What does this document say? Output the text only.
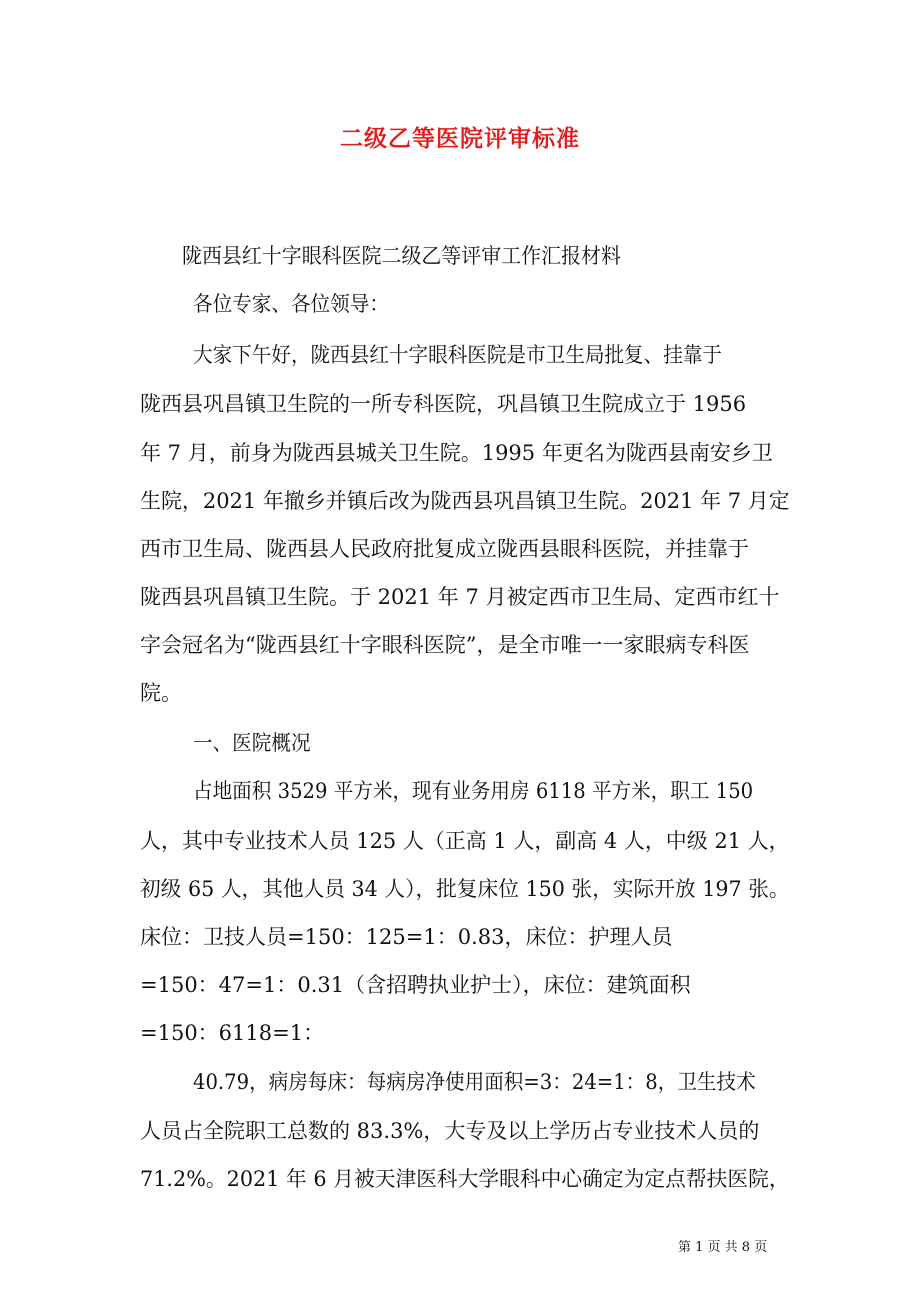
二级乙等医院评审标准
陇西县红十字眼科医院二级乙等评审工作汇报材料
各位专家、各位领导：
大家下午好，陇西县红十字眼科医院是市卫生局批复、挂靠于
陇西县巩昌镇卫生院的一所专科医院，巩昌镇卫生院成立于 1956
年 7 月，前身为陇西县城关卫生院。1995 年更名为陇西县南安乡卫
生院，2021 年撤乡并镇后改为陇西县巩昌镇卫生院。2021 年 7 月定
西市卫生局、陇西县人民政府批复成立陇西县眼科医院，并挂靠于
陇西县巩昌镇卫生院。于 2021 年 7 月被定西市卫生局、定西市红十
字会冠名为“陇西县红十字眼科医院”，是全市唯一一家眼病专科医
院。
一、医院概况
占地面积 3529 平方米，现有业务用房 6118 平方米，职工 150
人，其中专业技术人员 125 人（正高 1 人，副高 4 人，中级 21 人，
初级 65 人，其他人员 34 人），批复床位 150 张，实际开放 197 张。
床位：卫技人员=150：125=1：0.83，床位：护理人员
=150：47=1：0.31（含招聘执业护士），床位：建筑面积
=150：6118=1：
40.79，病房每床：每病房净使用面积=3：24=1：8，卫生技术
人员占全院职工总数的 83.3%，大专及以上学历占专业技术人员的
71.2%。2021 年 6 月被天津医科大学眼科中心确定为定点帮扶医院，
第 1 页 共 8 页
